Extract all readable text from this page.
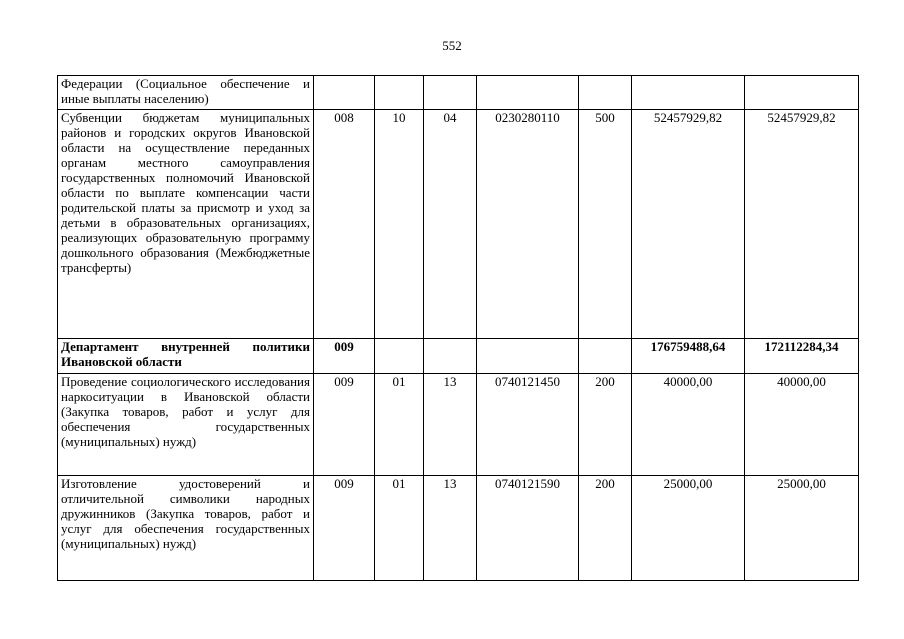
552
Федерации (Социальное обеспечение и иные выплаты населению)							
Субвенции бюджетам муниципальных районов и городских округов Ивановской области на осуществление переданных органам местного самоуправления государственных полномочий Ивановской области по выплате компенсации части родительской платы за присмотр и уход за детьми в образовательных организациях, реализующих образовательную программу дошкольного образования (Межбюджетные трансферты)	008	10	04	0230280110	500	52457929,82	52457929,82
Департамент внутренней политики Ивановской области	009					176759488,64	172112284,34
Проведение социологического исследования наркоситуации в Ивановской области (Закупка товаров, работ и услуг для обеспечения государственных (муниципальных) нужд)	009	01	13	0740121450	200	40000,00	40000,00
Изготовление удостоверений и отличительной символики народных дружинников (Закупка товаров, работ и услуг для обеспечения государственных (муниципальных) нужд)	009	01	13	0740121590	200	25000,00	25000,00
